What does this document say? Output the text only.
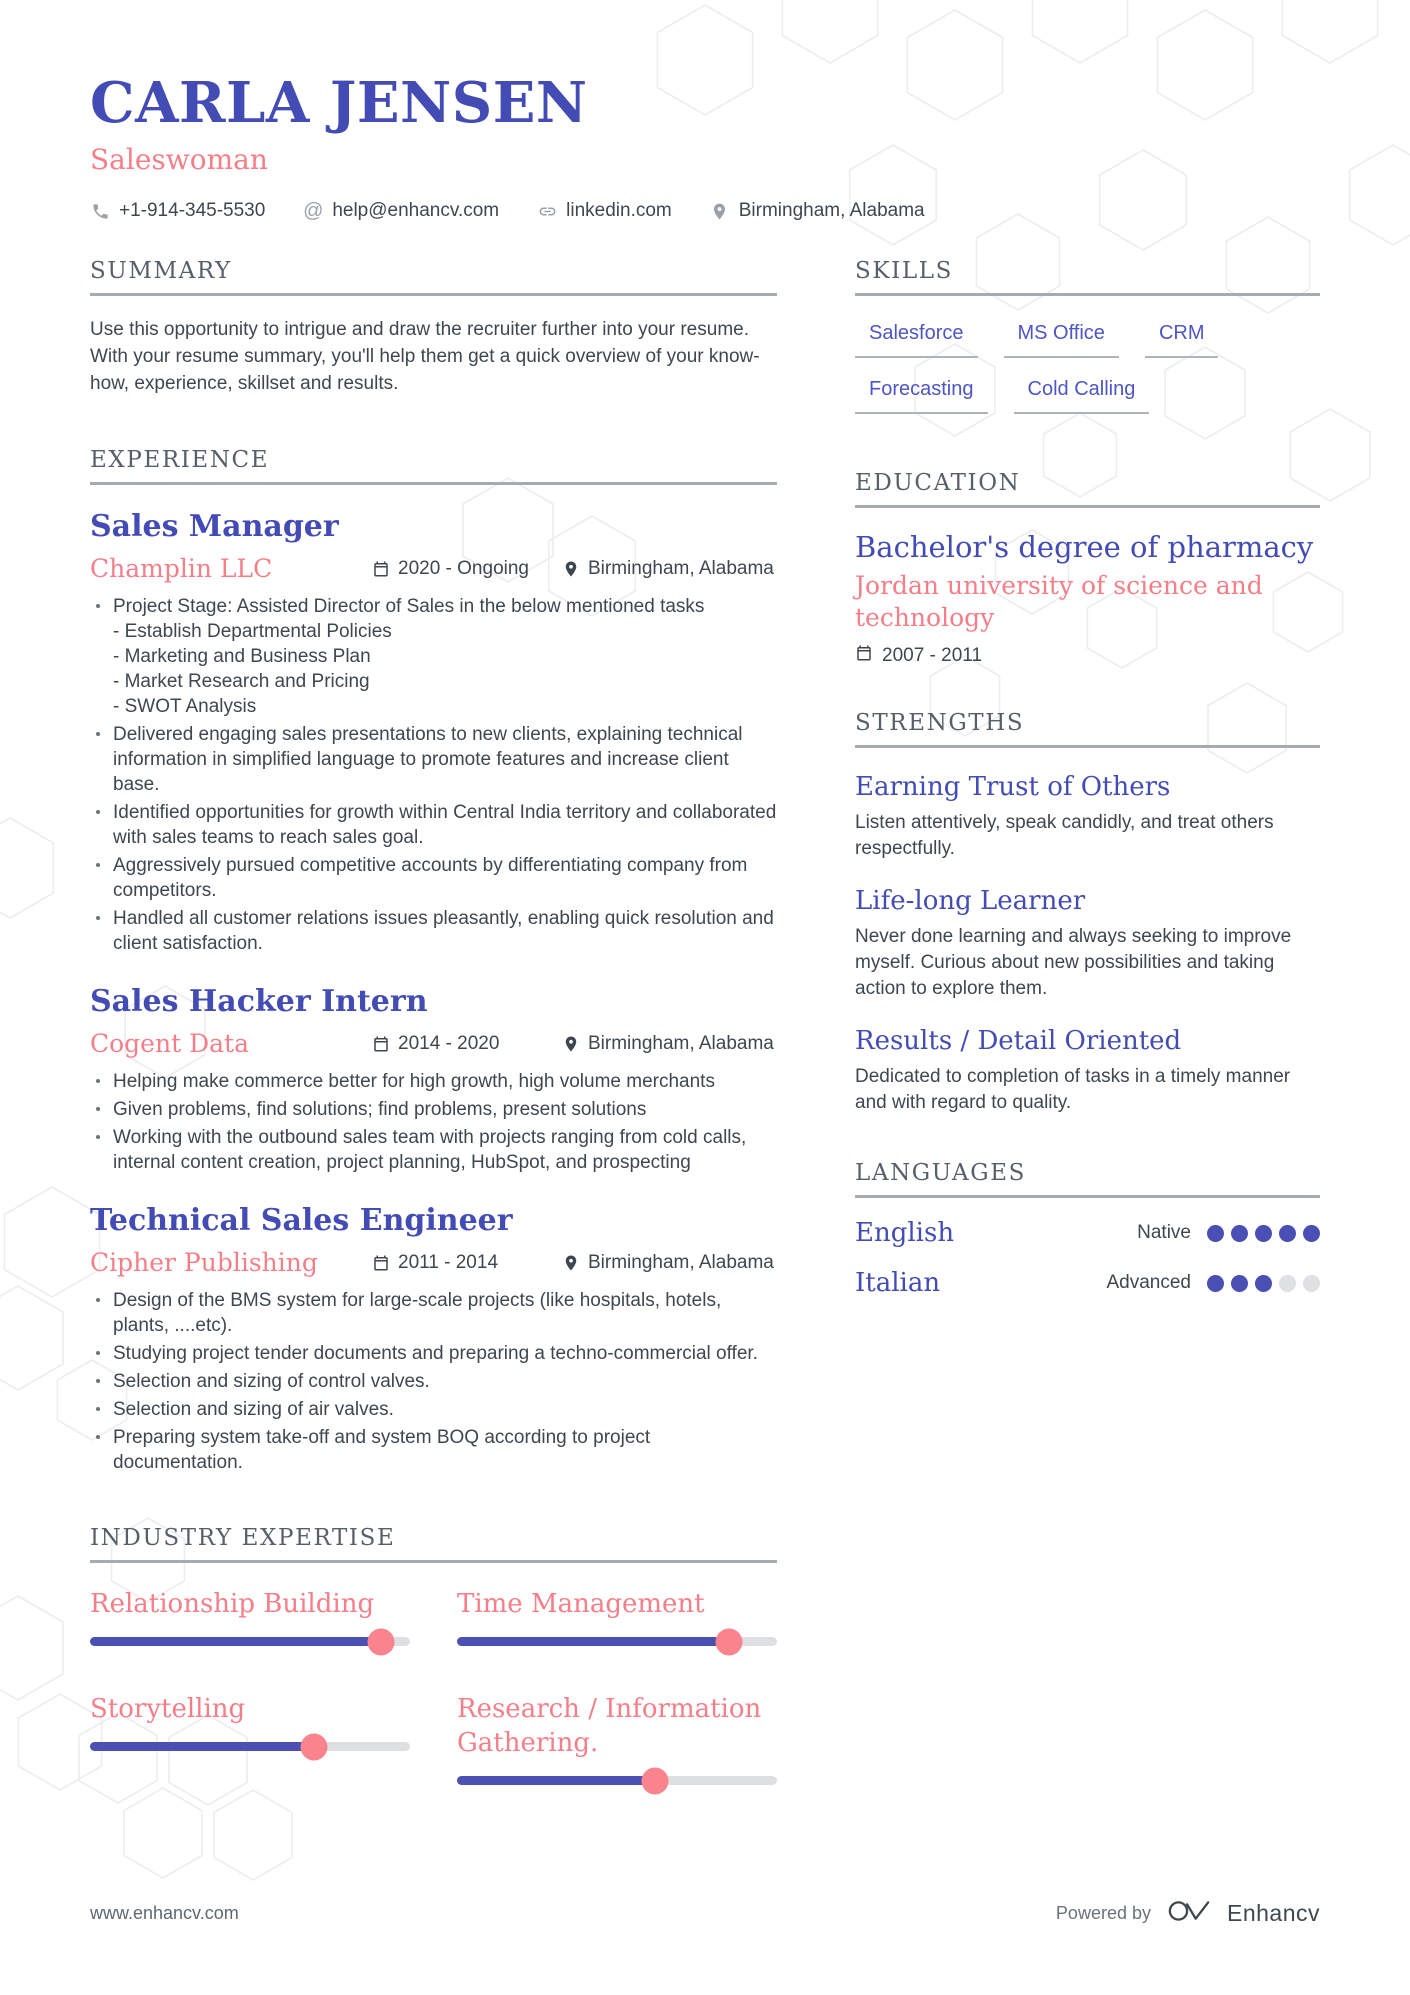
CARLA JENSEN
Saleswoman
+1-914-345-5530 @ help@enhancv.com	linkedin.com	Birmingham, Alabama
SUMMARY

Use this opportunity to intrigue and draw the recruiter further into your resume. With your resume summary, you'll help them get a quick overview of your know-how, experience, skillset and results.

EXPERIENCE
Sales Manager
Champlin LLC	2020 - Ongoing	Birmingham, Alabama
Project Stage: Assisted Director of Sales in the below mentioned tasks
- Establish Departmental Policies
- Marketing and Business Plan
- Market Research and Pricing
- SWOT Analysis
Delivered engaging sales presentations to new clients, explaining technical information in simplified language to promote features and increase client base.
Identified opportunities for growth within Central India territory and collaborated with sales teams to reach sales goal.
Aggressively pursued competitive accounts by differentiating company from competitors.
Handled all customer relations issues pleasantly, enabling quick resolution and client satisfaction.
Sales Hacker Intern
Cogent Data	2014 - 2020	Birmingham, Alabama
Helping make commerce better for high growth, high volume merchants
Given problems, find solutions; find problems, present solutions
Working with the outbound sales team with projects ranging from cold calls, internal content creation, project planning, HubSpot, and prospecting
Technical Sales Engineer
Cipher Publishing	2011 - 2014	Birmingham, Alabama
Design of the BMS system for large-scale projects (like hospitals, hotels, plants, ....etc).
Studying project tender documents and preparing a techno-commercial offer.
Selection and sizing of control valves.
Selection and sizing of air valves.
Preparing system take-off and system BOQ according to project documentation.
INDUSTRY EXPERTISE
Relationship Building	Time Management
Storytelling	Research / Information Gathering.
SKILLS
Salesforce	MS Office	CRM
Forecasting	Cold Calling
EDUCATION
Bachelor's degree of pharmacy
Jordan university of science and technology
2007 - 2011
STRENGTHS
Earning Trust of Others
Listen attentively, speak candidly, and treat others respectfully.
Life-long Learner
Never done learning and always seeking to improve myself. Curious about new possibilities and taking action to explore them.
Results / Detail Oriented
Dedicated to completion of tasks in a timely manner and with regard to quality.
LANGUAGES
English	Native
Italian	Advanced
www.enhancv.com	Powered by	Enhancv
